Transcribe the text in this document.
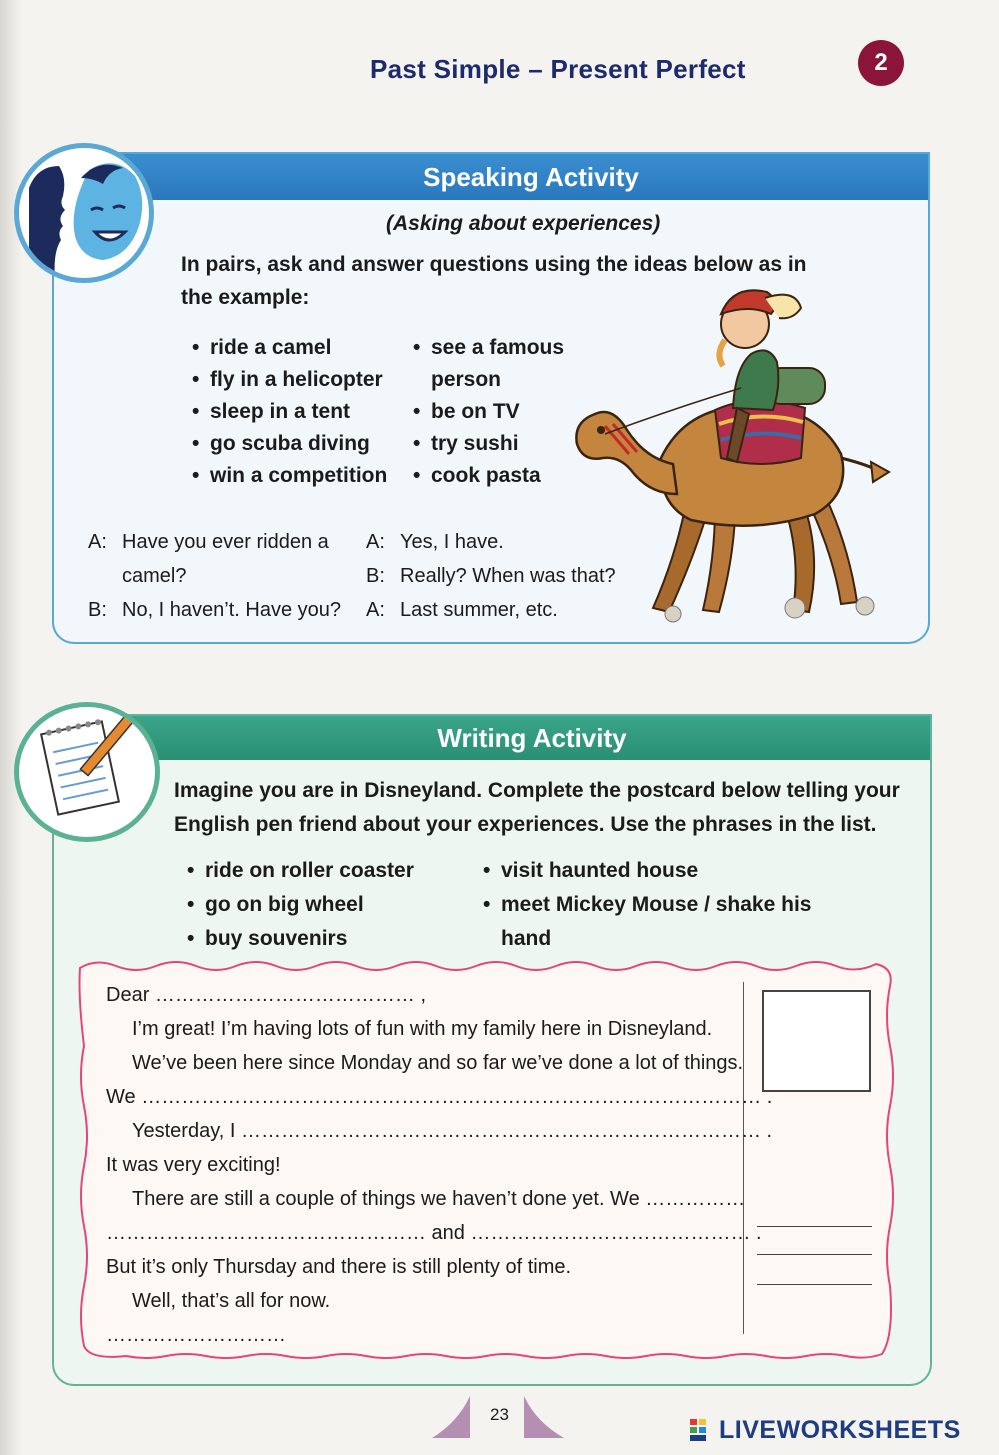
Past Simple – Present Perfect	2
Speaking Activity
(Asking about experiences)
In pairs, ask and answer questions using the ideas below as in
the example:
• ride a camel
• fly in a helicopter
• sleep in a tent
• go scuba diving
• win a competition
• see a famous
person
• be on TV
• try sushi
• cook pasta
A: Have you ever ridden a
camel?
B: No, I haven’t. Have you?
A: Yes, I have.
B: Really? When was that?
A: Last summer, etc.
Writing Activity
Imagine you are in Disneyland. Complete the postcard below telling your
English pen friend about your experiences. Use the phrases in the list.
• ride on roller coaster
• go on big wheel
• buy souvenirs
• visit haunted house
• meet Mickey Mouse / shake his
hand
Dear ………………………………… ,
I’m great! I’m having lots of fun with my family here in Disneyland.
We’ve been here since Monday and so far we’ve done a lot of things.
We ………………………………………………………………………………… .
Yesterday, I …………………………………………………………………… .
It was very exciting!
There are still a couple of things we haven’t done yet. We ……………
………………………………………… and …………………………………… .
But it’s only Thursday and there is still plenty of time.
Well, that’s all for now.
………………………
23
LIVEWORKSHEETS
